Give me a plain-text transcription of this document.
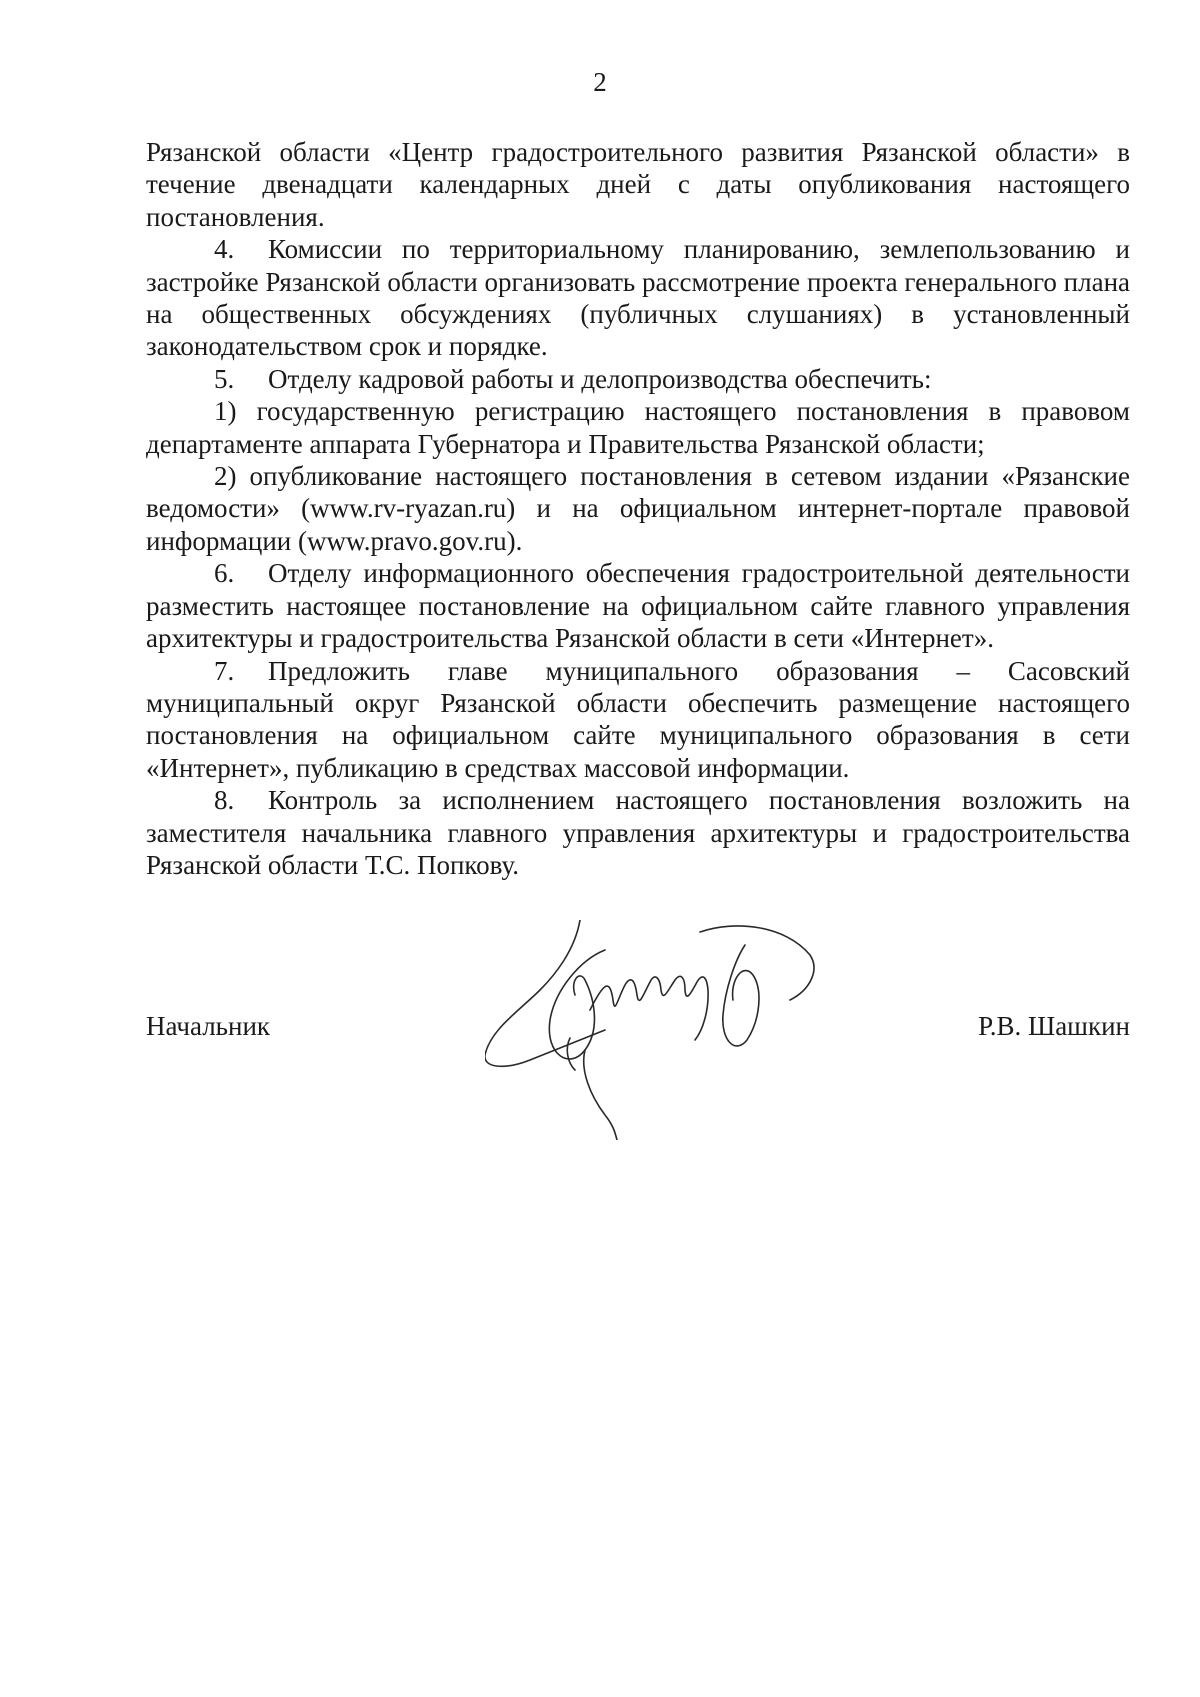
2

Рязанской области «Центр градостроительного развития Рязанской области» в течение двенадцати календарных дней с даты опубликования настоящего постановления.

4. Комиссии по территориальному планированию, землепользованию и застройке Рязанской области организовать рассмотрение проекта генерального плана на общественных обсуждениях (публичных слушаниях) в установленный законодательством срок и порядке.

5. Отделу кадровой работы и делопроизводства обеспечить:

1) государственную регистрацию настоящего постановления в правовом департаменте аппарата Губернатора и Правительства Рязанской области;

2) опубликование настоящего постановления в сетевом издании «Рязанские ведомости» (www.rv-ryazan.ru) и на официальном интернет-портале правовой информации (www.pravo.gov.ru).

6. Отделу информационного обеспечения градостроительной деятельности разместить настоящее постановление на официальном сайте главного управления архитектуры и градостроительства Рязанской области в сети «Интернет».

7. Предложить главе муниципального образования – Сасовский муниципальный округ Рязанской области обеспечить размещение настоящего постановления на официальном сайте муниципального образования в сети «Интернет», публикацию в средствах массовой информации.

8. Контроль за исполнением настоящего постановления возложить на заместителя начальника главного управления архитектуры и градостроительства Рязанской области Т.С. Попкову.

Начальник	Р.В. Шашкин
